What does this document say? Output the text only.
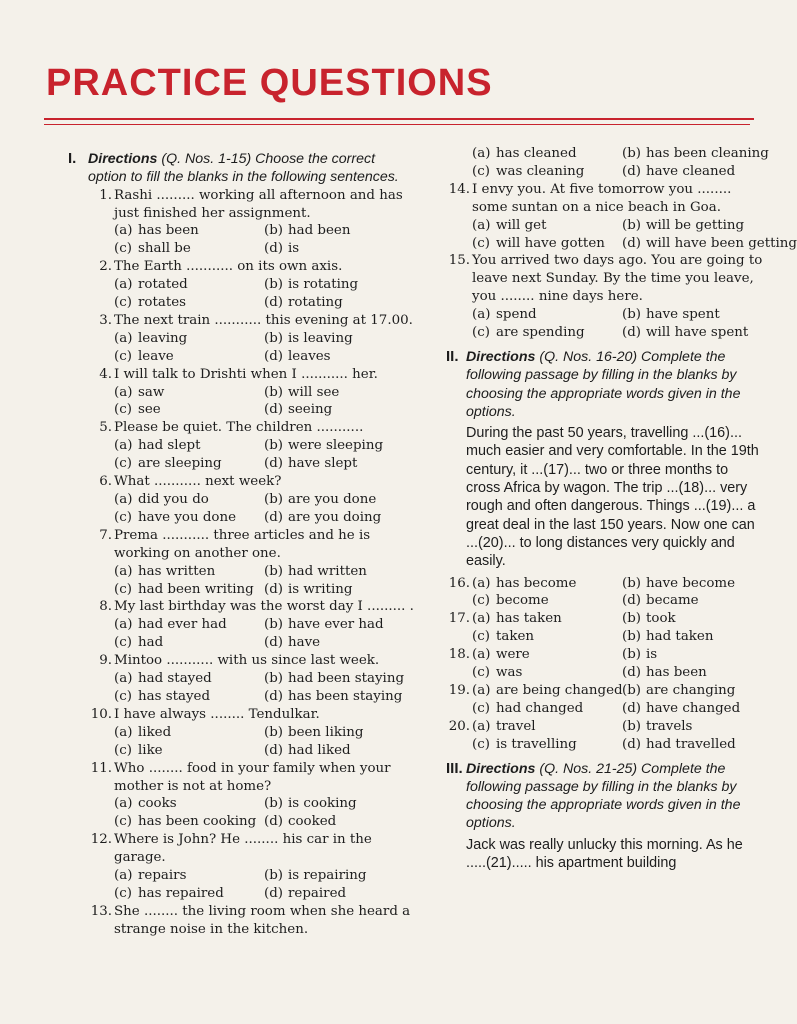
PRACTICE QUESTIONS
I. Directions (Q. Nos. 1-15) Choose the correct option to fill the blanks in the following sentences.
1. Rashi ......... working all afternoon and has just finished her assignment.
(a) has been	(b) had been
(c) shall be	(d) is
2. The Earth ........... on its own axis.
(a) rotated	(b) is rotating
(c) rotates	(d) rotating
3. The next train ........... this evening at 17.00.
(a) leaving	(b) is leaving
(c) leave	(d) leaves
4. I will talk to Drishti when I ........... her.
(a) saw	(b) will see
(c) see	(d) seeing
5. Please be quiet. The children ...........
(a) had slept	(b) were sleeping
(c) are sleeping	(d) have slept
6. What ........... next week?
(a) did you do	(b) are you done
(c) have you done	(d) are you doing
7. Prema ........... three articles and he is working on another one.
(a) has written	(b) had written
(c) had been writing (d) is writing
8. My last birthday was the worst day I ......... .
(a) had ever had	(b) have ever had
(c) had	(d) have
9. Mintoo ........... with us since last week.
(a) had stayed	(b) had been staying
(c) has stayed	(d) has been staying
10. I have always ........ Tendulkar.
(a) liked	(b) been liking
(c) like	(d) had liked
11. Who ........ food in your family when your mother is not at home?
(a) cooks	(b) is cooking
(c) has been cooking (d) cooked
12. Where is John? He ........ his car in the garage.
(a) repairs	(b) is repairing
(c) has repaired	(d) repaired
13. She ........ the living room when she heard a strange noise in the kitchen.
(a) has cleaned	(b) has been cleaning
(c) was cleaning	(d) have cleaned
14. I envy you. At five tomorrow you ........ some suntan on a nice beach in Goa.
(a) will get	(b) will be getting
(c) will have gotten	(d) will have been getting
15. You arrived two days ago. You are going to leave next Sunday. By the time you leave, you ........ nine days here.
(a) spend	(b) have spent
(c) are spending	(d) will have spent
II. Directions (Q. Nos. 16-20) Complete the following passage by filling in the blanks by choosing the appropriate words given in the options.
During the past 50 years, travelling ...(16)... much easier and very comfortable. In the 19th century, it ...(17)... two or three months to cross Africa by wagon. The trip ...(18)... very rough and often dangerous. Things ...(19)... a great deal in the last 150 years. Now one can ...(20)... to long distances very quickly and easily.
16. (a) has become	(b) have become
(c) become	(d) became
17. (a) has taken	(b) took
(c) taken	(b) had taken
18. (a) were	(b) is
(c) was	(d) has been
19. (a) are being changed (b) are changing
(c) had changed	(d) have changed
20. (a) travel	(b) travels
(c) is travelling	(d) had travelled
III. Directions (Q. Nos. 21-25) Complete the following passage by filling in the blanks by choosing the appropriate words given in the options.
Jack was really unlucky this morning. As he .....(21)..... his apartment building
